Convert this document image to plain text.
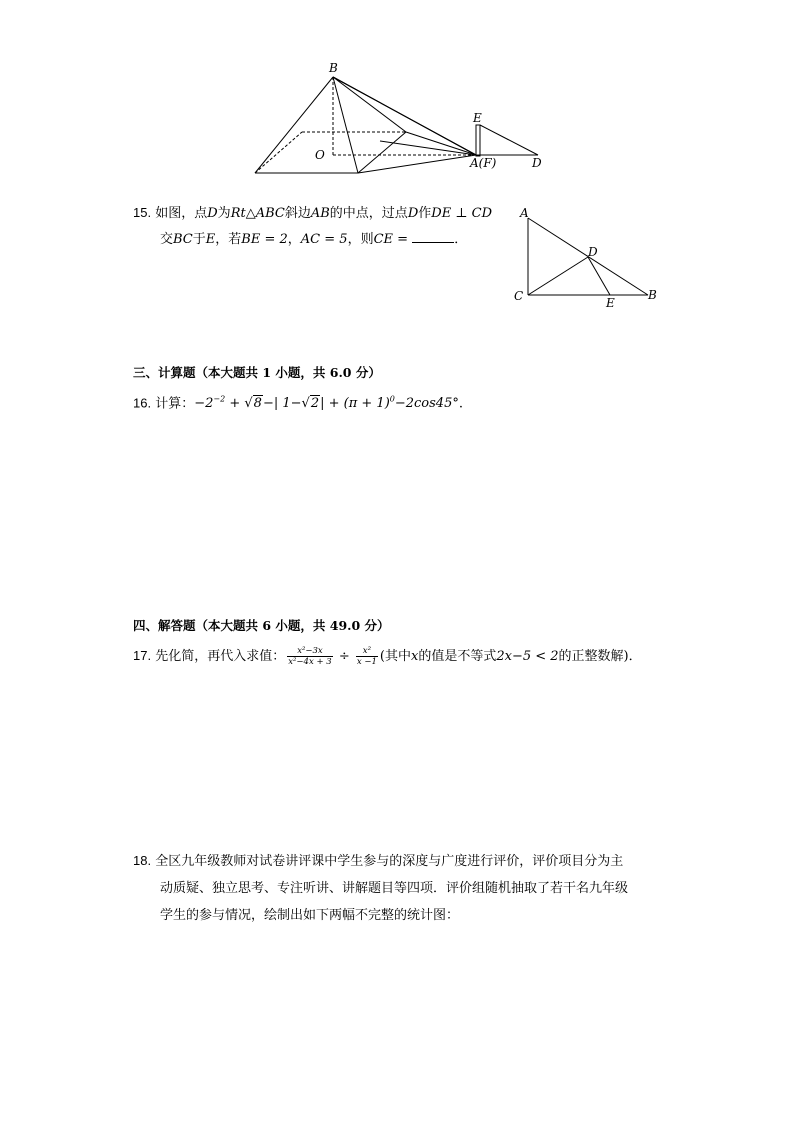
B
E
O
A(F)	D
15. 如图，点D为Rt△ABC斜边AB的中点，过点D作DE ⊥ CD
交BC于E，若BE = 2，AC = 5，则CE =	．
A
D
C	E
B
三、计算题（本大题共 1 小题，共 6.0 分）
16. 计算：$-2^{-2} + √8-|$ $1-√2| + (\pi + 1)^0-2\cos 45^\circ$.
四、解答题（本大题共 6 小题，共 49.0 分）
17. 先化简，再代入求值： $\frac{\text{x²−3x}}{\text{x²−4x + 3}} \div \frac{\text{x²}}{x -1}$ (其中x的值是不等式2x−5 < 2的正整数解)．
18. 全区九年级教师对试卷讲评课中学生参与的深度与广度进行评价，评价项目分为主
动质疑、独立思考、专注听讲、讲解题目等四项．评价组随机抽取了若干名九年级
学生的参与情况，绘制出如下两幅不完整的统计图：
